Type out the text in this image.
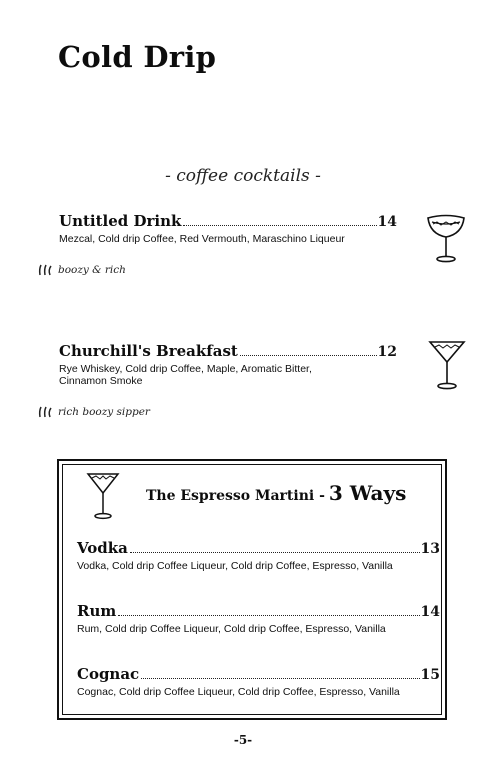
Cold Drip
- coffee cocktails -
Untitled Drink	14
Mezcal, Cold drip Coffee, Red Vermouth, Maraschino Liqueur
boozy & rich
Churchill's Breakfast	12
Rye Whiskey, Cold drip Coffee, Maple, Aromatic Bitter,
Cinnamon Smoke
rich boozy sipper
The Espresso Martini - 3 Ways
Vodka	13
Vodka, Cold drip Coffee Liqueur, Cold drip Coffee, Espresso, Vanilla
Rum	14
Rum, Cold drip Coffee Liqueur, Cold drip Coffee, Espresso, Vanilla
Cognac	15
Cognac, Cold drip Coffee Liqueur, Cold drip Coffee, Espresso, Vanilla
-5-
